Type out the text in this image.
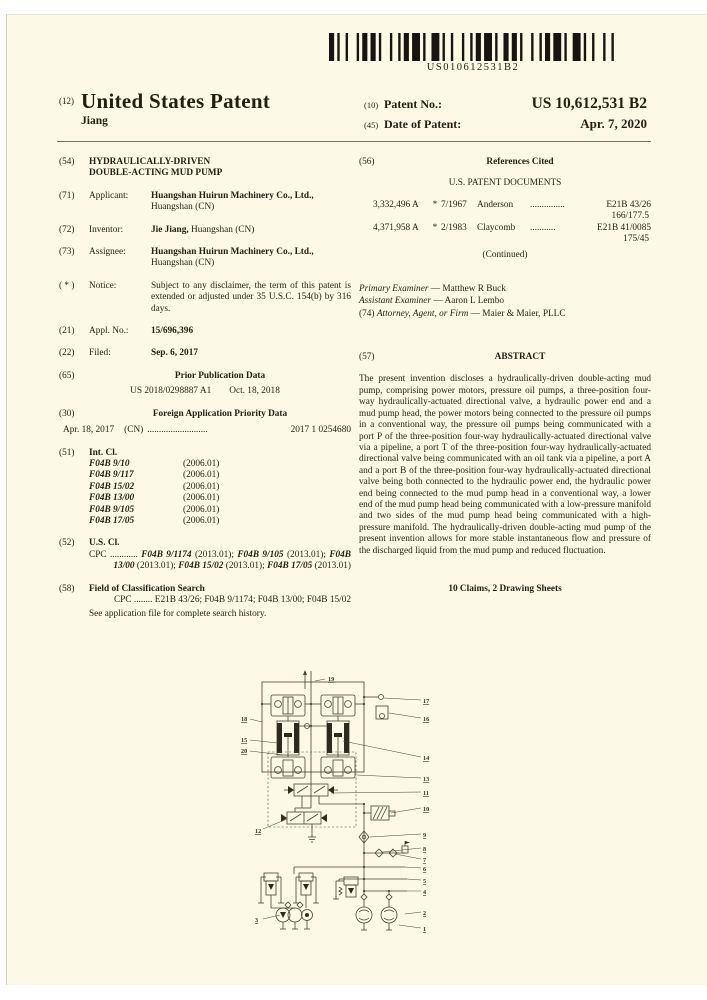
US010612531B2
(12) United States Patent
Jiang
(10) Patent No.:	US 10,612,531 B2
(45) Date of Patent:	Apr. 7, 2020
(54)	HYDRAULICALLY-DRIVEN
DOUBLE-ACTING MUD PUMP
(71)	Applicant:	Huangshan Huirun Machinery Co., Ltd., Huangshan (CN)
(72)	Inventor:	Jie Jiang, Huangshan (CN)
(73)	Assignee:	Huangshan Huirun Machinery Co., Ltd., Huangshan (CN)
( * )	Notice:	Subject to any disclaimer, the term of this patent is extended or adjusted under 35 U.S.C. 154(b) by 316 days.
(21)	Appl. No.:	15/696,396
(22)	Filed:	Sep. 6, 2017
(65)	Prior Publication Data
US 2018/0298887 A1 Oct. 18, 2018
(30)	Foreign Application Priority Data
Apr. 18, 2017 (CN) ..........................	2017 1 0254680
(51)	Int. Cl.
F04B 9/10	(2006.01)
F04B 9/117	(2006.01)
F04B 15/02	(2006.01)
F04B 13/00	(2006.01)
F04B 9/105	(2006.01)
F04B 17/05	(2006.01)
(52)	U.S. Cl.
CPC ............ F04B 9/1174 (2013.01); F04B 9/105 (2013.01); F04B 13/00 (2013.01); F04B 15/02 (2013.01); F04B 17/05 (2013.01)
(58)	Field of Classification Search
CPC ........ E21B 43/26; F04B 9/1174; F04B 13/00; F04B 15/02
See application file for complete search history.
(56)	References Cited
U.S. PATENT DOCUMENTS
3,332,496 A	* 7/1967	Anderson	...............	E21B 43/26
166/177.5
4,371,958 A	* 2/1983	Claycomb	...........	E21B 41/0085
175/45
(Continued)
Primary Examiner — Matthew R Buck
Assistant Examiner — Aaron L Lembo
(74) Attorney, Agent, or Firm — Maier & Maier, PLLC
(57)	ABSTRACT
The present invention discloses a hydraulically-driven double-acting mud pump, comprising power motors, pressure oil pumps, a three-position four-way hydraulically-actuated directional valve, a hydraulic power end and a mud pump head, the power motors being connected to the pressure oil pumps in a conventional way, the pressure oil pumps being communicated with a port P of the three-position four-way hydraulically-actuated directional valve via a pipeline, a port T of the three-position four-way hydraulically-actuated directional valve being communicated with an oil tank via a pipeline, a port A and a port B of the three-position four-way hydraulically-actuated directional valve being both connected to the hydraulic power end, the hydraulic power end being connected to the mud pump head in a conventional way, a lower end of the mud pump head being communicated with a low-pressure manifold and two sides of the mud pump head being communicated with a high-pressure manifold. The hydraulically-driven double-acting mud pump of the present invention allows for more stable instantaneous flow and pressure of the discharged liquid from the mud pump and reduced fluctuation.
10 Claims, 2 Drawing Sheets
19
18
15
20
17
16
14
13
11
10
12
9
8
7
6
5
4
3
2
1
